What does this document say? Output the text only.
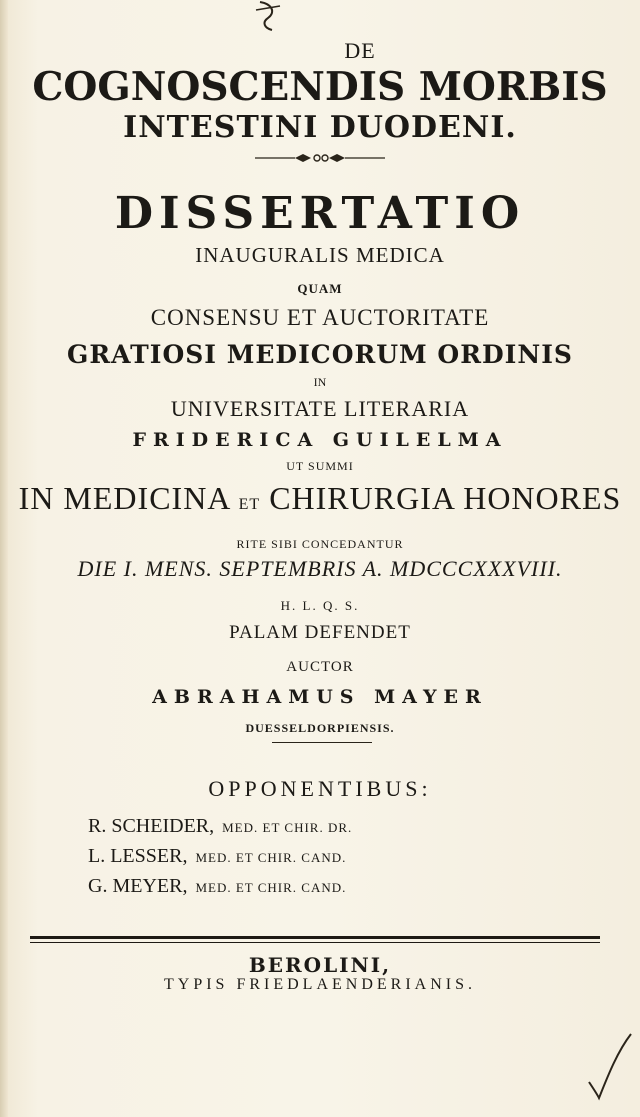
DE
COGNOSCENDIS MORBIS
INTESTINI DUODENI.
DISSERTATIO
INAUGURALIS MEDICA
QUAM
CONSENSU ET AUCTORITATE
GRATIOSI MEDICORUM ORDINIS
IN
UNIVERSITATE LITERARIA
FRIDERICA GUILELMA
UT SUMMI
IN MEDICINA ET CHIRURGIA HONORES
RITE SIBI CONCEDANTUR
DIE I. MENS. SEPTEMBRIS A. MDCCCXXXVIII.
H. L. Q. S.
PALAM DEFENDET
AUCTOR
ABRAHAMUS MAYER
DUESSELDORPIENSIS.
OPPONENTIBUS:
R. SCHEIDER, MED. ET CHIR. DR.
L. LESSER, MED. ET CHIR. CAND.
G. MEYER, MED. ET CHIR. CAND.
BEROLINI,
TYPIS FRIEDLAENDERIANIS.
